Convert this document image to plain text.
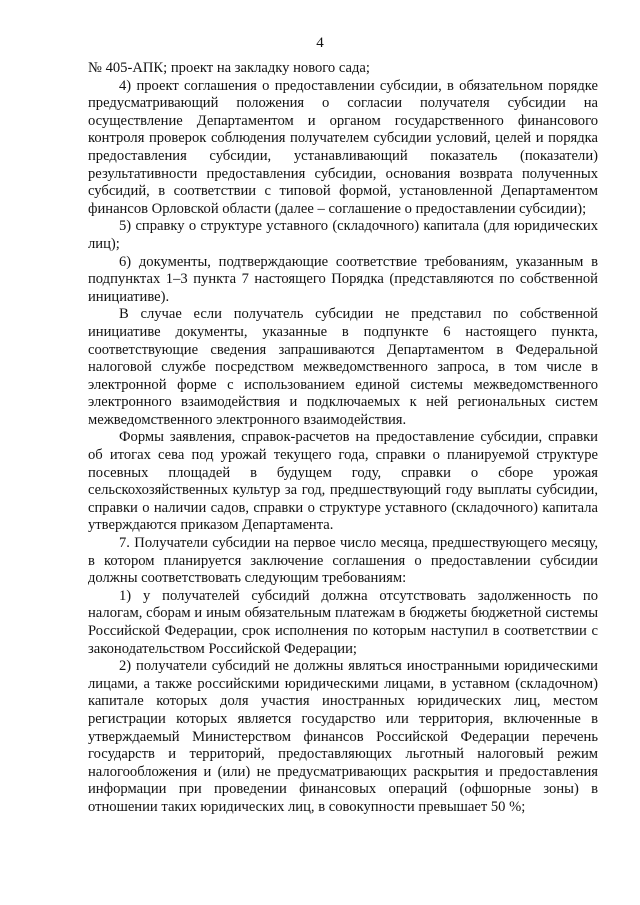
4

№ 405-АПК; проект на закладку нового сада;

4) проект соглашения о предоставлении субсидии, в обязательном порядке предусматривающий положения о согласии получателя субсидии на осуществление Департаментом и органом государственного финансового контроля проверок соблюдения получателем субсидии условий, целей и порядка предоставления субсидии, устанавливающий показатель (показатели) результативности предоставления субсидии, основания возврата полученных субсидий, в соответствии с типовой формой, установленной Департаментом финансов Орловской области (далее – соглашение о предоставлении субсидии);

5) справку о структуре уставного (складочного) капитала (для юридических лиц);

6) документы, подтверждающие соответствие требованиям, указанным в подпунктах 1–3 пункта 7 настоящего Порядка (представляются по собственной инициативе).

В случае если получатель субсидии не представил по собственной инициативе документы, указанные в подпункте 6 настоящего пункта, соответствующие сведения запрашиваются Департаментом в Федеральной налоговой службе посредством межведомственного запроса, в том числе в электронной форме с использованием единой системы межведомственного электронного взаимодействия и подключаемых к ней региональных систем межведомственного электронного взаимодействия.

Формы заявления, справок-расчетов на предоставление субсидии, справки об итогах сева под урожай текущего года, справки о планируемой структуре посевных площадей в будущем году, справки о сборе урожая сельскохозяйственных культур за год, предшествующий году выплаты субсидии, справки о наличии садов, справки о структуре уставного (складочного) капитала утверждаются приказом Департамента.

7. Получатели субсидии на первое число месяца, предшествующего месяцу, в котором планируется заключение соглашения о предоставлении субсидии должны соответствовать следующим требованиям:

1) у получателей субсидий должна отсутствовать задолженность по налогам, сборам и иным обязательным платежам в бюджеты бюджетной системы Российской Федерации, срок исполнения по которым наступил в соответствии с законодательством Российской Федерации;

2) получатели субсидий не должны являться иностранными юридическими лицами, а также российскими юридическими лицами, в уставном (складочном) капитале которых доля участия иностранных юридических лиц, местом регистрации которых является государство или территория, включенные в утверждаемый Министерством финансов Российской Федерации перечень государств и территорий, предоставляющих льготный налоговый режим налогообложения и (или) не предусматривающих раскрытия и предоставления информации при проведении финансовых операций (офшорные зоны) в отношении таких юридических лиц, в совокупности превышает 50 %;
